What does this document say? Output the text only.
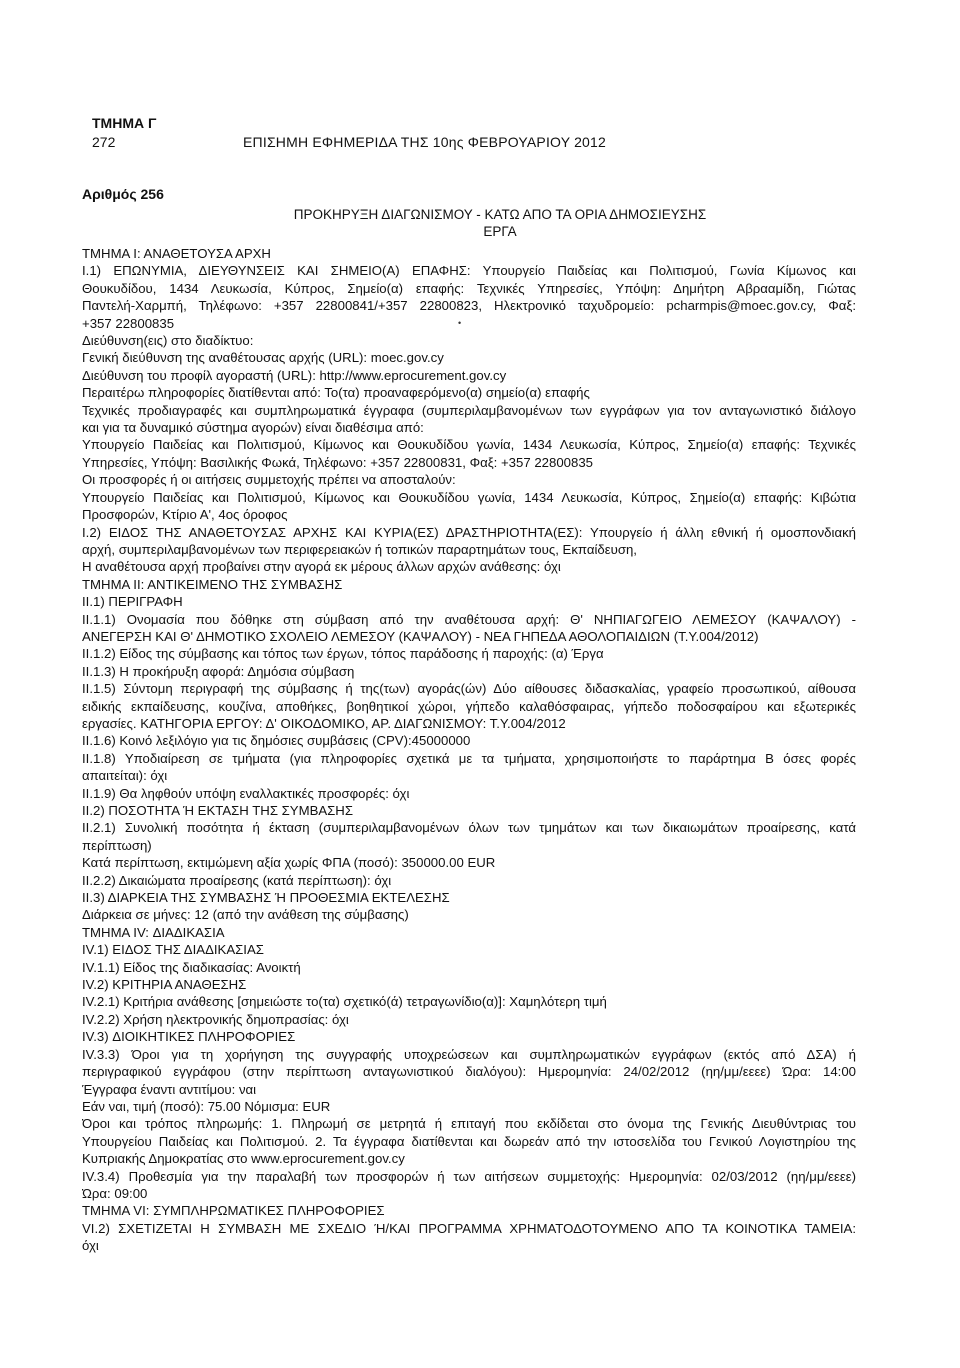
ΤΜΗΜΑ Γ
272	ΕΠΙΣΗΜΗ ΕΦΗΜΕΡΙΔΑ ΤΗΣ 10ης ΦΕΒΡΟΥΑΡΙΟΥ 2012
Αριθμός 256
ΠΡΟΚΗΡΥΞΗ ΔΙΑΓΩΝΙΣΜΟΥ - ΚΑΤΩ ΑΠΟ ΤΑ ΟΡΙΑ ΔΗΜΟΣΙΕΥΣΗΣ
ΕΡΓΑ
•
ΤΜΗΜΑ Ι: ΑΝΑΘΕΤΟΥΣΑ ΑΡΧΗ
Ι.1) ΕΠΩΝΥΜΙΑ, ΔΙΕΥΘΥΝΣΕΙΣ ΚΑΙ ΣΗΜΕΙΟ(Α) ΕΠΑΦΗΣ: Υπουργείο Παιδείας και Πολιτισμού, Γωνία Κίμωνος και
Θουκυδίδου, 1434 Λευκωσία, Κύπρος, Σημείο(α) επαφής: Τεχνικές Υπηρεσίες, Υπόψη: Δημήτρη Αβρααμίδη, Γιώτας
Παντελή-Χαρμπή, Τηλέφωνο: +357 22800841/+357 22800823, Ηλεκτρονικό ταχυδρομείο: pcharmpis@moec.gov.cy, Φαξ:
+357 22800835
Διεύθυνση(εις) στο διαδίκτυο:
Γενική διεύθυνση της αναθέτουσας αρχής (URL): moec.gov.cy
Διεύθυνση του προφίλ αγοραστή (URL): http://www.eprocurement.gov.cy
Περαιτέρω πληροφορίες διατίθενται από: Το(τα) προαναφερόμενο(α) σημείο(α) επαφής
Τεχνικές προδιαγραφές και συμπληρωματικά έγγραφα (συμπεριλαμβανομένων των εγγράφων για τον ανταγωνιστικό διάλογο
και για τα δυναμικό σύστημα αγορών) είναι διαθέσιμα από:
Υπουργείο Παιδείας και Πολιτισμού, Κίμωνος και Θουκυδίδου γωνία, 1434 Λευκωσία, Κύπρος, Σημείο(α) επαφής: Τεχνικές
Υπηρεσίες, Υπόψη: Βασιλικής Φωκά, Τηλέφωνο: +357 22800831, Φαξ: +357 22800835
Οι προσφορές ή οι αιτήσεις συμμετοχής πρέπει να αποσταλούν:
Υπουργείο Παιδείας και Πολιτισμού, Κίμωνος και Θουκυδίδου γωνία, 1434 Λευκωσία, Κύπρος, Σημείο(α) επαφής: Κιβώτια
Προσφορών, Κτίριο Α', 4ος όροφος
Ι.2) ΕΙΔΟΣ ΤΗΣ ΑΝΑΘΕΤΟΥΣΑΣ ΑΡΧΗΣ ΚΑΙ ΚΥΡΙΑ(ΕΣ) ΔΡΑΣΤΗΡΙΟΤΗΤΑ(ΕΣ): Υπουργείο ή άλλη εθνική ή ομοσπονδιακή
αρχή, συμπεριλαμβανομένων των περιφερειακών ή τοπικών παραρτημάτων τους, Εκπαίδευση,
Η αναθέτουσα αρχή προβαίνει στην αγορά εκ μέρους άλλων αρχών ανάθεσης: όχι
ΤΜΗΜΑ ΙΙ: ΑΝΤΙΚΕΙΜΕΝΟ ΤΗΣ ΣΥΜΒΑΣΗΣ
ΙΙ.1) ΠΕΡΙΓΡΑΦΗ
ΙΙ.1.1) Ονομασία που δόθηκε στη σύμβαση από την αναθέτουσα αρχή: Θ' ΝΗΠΙΑΓΩΓΕΙΟ ΛΕΜΕΣΟΥ (ΚΑΨΑΛΟΥ) -
ΑΝΕΓΕΡΣΗ ΚΑΙ Θ' ΔΗΜΟΤΙΚΟ ΣΧΟΛΕΙΟ ΛΕΜΕΣΟΥ (ΚΑΨΑΛΟΥ) - ΝΕΑ ΓΗΠΕΔΑ ΑΘΟΛΟΠΑΙΔΙΩΝ (Τ.Υ.004/2012)
ΙΙ.1.2) Είδος της σύμβασης και τόπος των έργων, τόπος παράδοσης ή παροχής: (α) Έργα
ΙΙ.1.3) Η προκήρυξη αφορά: Δημόσια σύμβαση
ΙΙ.1.5) Σύντομη περιγραφή της σύμβασης ή της(των) αγοράς(ών) Δύο αίθουσες διδασκαλίας, γραφείο προσωπικού, αίθουσα
ειδικής εκπαίδευσης, κουζίνα, αποθήκες, βοηθητικοί χώροι, γήπεδο καλαθόσφαιρας, γήπεδο ποδοσφαίρου και εξωτερικές
εργασίες. ΚΑΤΗΓΟΡΙΑ ΕΡΓΟΥ: Δ' ΟΙΚΟΔΟΜΙΚΟ, ΑΡ. ΔΙΑΓΩΝΙΣΜΟΥ: Τ.Υ.004/2012
ΙΙ.1.6) Κοινό λεξιλόγιο για τις δημόσιες συμβάσεις (CPV):45000000
ΙΙ.1.8) Υποδιαίρεση σε τμήματα (για πληροφορίες σχετικά με τα τμήματα, χρησιμοποιήστε το παράρτημα Β όσες φορές
απαιτείται): όχι
ΙΙ.1.9) Θα ληφθούν υπόψη εναλλακτικές προσφορές: όχι
ΙΙ.2) ΠΟΣΟΤΗΤΑ Ή ΕΚΤΑΣΗ ΤΗΣ ΣΥΜΒΑΣΗΣ
ΙΙ.2.1) Συνολική ποσότητα ή έκταση (συμπεριλαμβανομένων όλων των τμημάτων και των δικαιωμάτων προαίρεσης, κατά
περίπτωση)
Κατά περίπτωση, εκτιμώμενη αξία χωρίς ΦΠΑ (ποσό): 350000.00 EUR
ΙΙ.2.2) Δικαιώματα προαίρεσης (κατά περίπτωση): όχι
ΙΙ.3) ΔΙΑΡΚΕΙΑ ΤΗΣ ΣΥΜΒΑΣΗΣ Ή ΠΡΟΘΕΣΜΙΑ ΕΚΤΕΛΕΣΗΣ
Διάρκεια σε μήνες: 12 (από την ανάθεση της σύμβασης)
ΤΜΗΜΑ IV: ΔΙΑΔΙΚΑΣΙΑ
IV.1) ΕΙΔΟΣ ΤΗΣ ΔΙΑΔΙΚΑΣΙΑΣ
IV.1.1) Είδος της διαδικασίας: Ανοικτή
IV.2) ΚΡΙΤΗΡΙΑ ΑΝΑΘΕΣΗΣ
IV.2.1) Κριτήρια ανάθεσης [σημειώστε το(τα) σχετικό(ά) τετραγωνίδιο(α)]: Χαμηλότερη τιμή
IV.2.2) Χρήση ηλεκτρονικής δημοπρασίας: όχι
IV.3) ΔΙΟΙΚΗΤΙΚΕΣ ΠΛΗΡΟΦΟΡΙΕΣ
IV.3.3) Όροι για τη χορήγηση της συγγραφής υποχρεώσεων και συμπληρωματικών εγγράφων (εκτός από ΔΣΑ) ή
περιγραφικού εγγράφου (στην περίπτωση ανταγωνιστικού διαλόγου): Ημερομηνία: 24/02/2012 (ηη/μμ/εεεε) Ώρα: 14:00
Έγγραφα έναντι αντιτίμου: ναι
Εάν ναι, τιμή (ποσό): 75.00 Νόμισμα: EUR
Όροι και τρόπος πληρωμής: 1. Πληρωμή σε μετρητά ή επιταγή που εκδίδεται στο όνομα της Γενικής Διευθύντριας του
Υπουργείου Παιδείας και Πολιτισμού. 2. Τα έγγραφα διατίθενται και δωρεάν από την ιστοσελίδα του Γενικού Λογιστηρίου της
Κυπριακής Δημοκρατίας στο www.eprocurement.gov.cy
IV.3.4) Προθεσμία για την παραλαβή των προσφορών ή των αιτήσεων συμμετοχής: Ημερομηνία: 02/03/2012 (ηη/μμ/εεεε)
Ώρα: 09:00
ΤΜΗΜΑ VI: ΣΥΜΠΛΗΡΩΜΑΤΙΚΕΣ ΠΛΗΡΟΦΟΡΙΕΣ
VI.2) ΣΧΕΤΙΖΕΤΑΙ Η ΣΥΜΒΑΣΗ ΜΕ ΣΧΕΔΙΟ Ή/ΚΑΙ ΠΡΟΓΡΑΜΜΑ ΧΡΗΜΑΤΟΔΟΤΟΥΜΕΝΟ ΑΠΟ ΤΑ ΚΟΙΝΟΤΙΚΑ ΤΑΜΕΙΑ:
όχι
